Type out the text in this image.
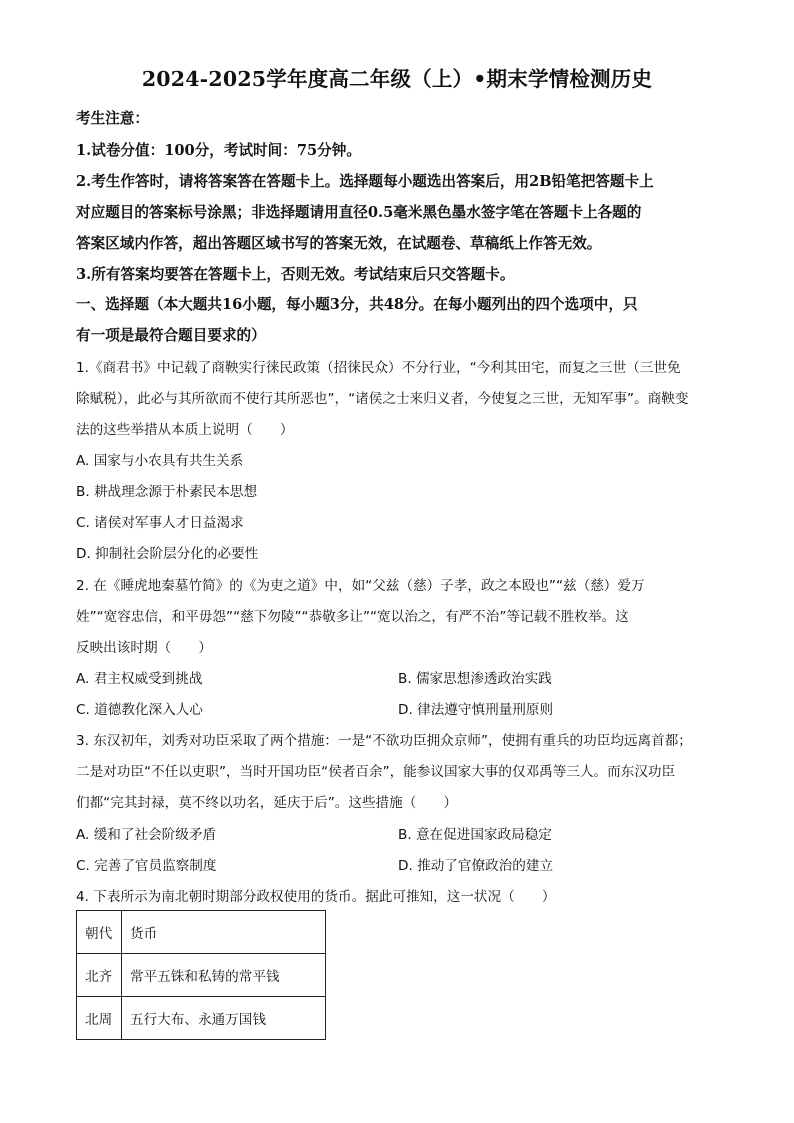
2024-2025学年度高二年级（上）•期末学情检测历史
考生注意：
1.试卷分值：100分，考试时间：75分钟。
2.考生作答时，请将答案答在答题卡上。选择题每小题选出答案后，用2B铅笔把答题卡上
对应题目的答案标号涂黑；非选择题请用直径0.5毫米黑色墨水签字笔在答题卡上各题的
答案区域内作答，超出答题区域书写的答案无效，在试题卷、草稿纸上作答无效。
3.所有答案均要答在答题卡上，否则无效。考试结束后只交答题卡。
一、选择题（本大题共16小题，每小题3分，共48分。在每小题列出的四个选项中，只
有一项是最符合题目要求的）
1.《商君书》中记载了商鞅实行徕民政策（招徕民众）不分行业，“今利其田宅，而复之三世（三世免
除赋税），此必与其所欲而不使行其所恶也”，“诸侯之士来归义者，今使复之三世，无知军事”。商鞅变
法的这些举措从本质上说明（　　）
A. 国家与小农具有共生关系
B. 耕战理念源于朴素民本思想
C. 诸侯对军事人才日益渴求
D. 抑制社会阶层分化的必要性
2. 在《睡虎地秦墓竹简》的《为吏之道》中，如“父兹（慈）子孝，政之本殴也”“兹（慈）爱万
姓”“宽容忠信，和平毋怨”“慈下勿陵”“恭敬多让”“宽以治之，有严不治”等记载不胜枚举。这
反映出该时期（　　）
A. 君主权威受到挑战	B. 儒家思想渗透政治实践
C. 道德教化深入人心	D. 律法遵守慎刑量刑原则
3. 东汉初年，刘秀对功臣采取了两个措施：一是“不欲功臣拥众京师”，使拥有重兵的功臣均远离首都；
二是对功臣“不任以吏职”，当时开国功臣“侯者百余”，能参议国家大事的仅邓禹等三人。而东汉功臣
们都“完其封禄，莫不终以功名，延庆于后”。这些措施（　　）
A. 缓和了社会阶级矛盾	B. 意在促进国家政局稳定
C. 完善了官员监察制度	D. 推动了官僚政治的建立
4. 下表所示为南北朝时期部分政权使用的货币。据此可推知，这一状况（　　）
朝代	货币
北齐	常平五铢和私铸的常平钱
北周	五行大布、永通万国钱
